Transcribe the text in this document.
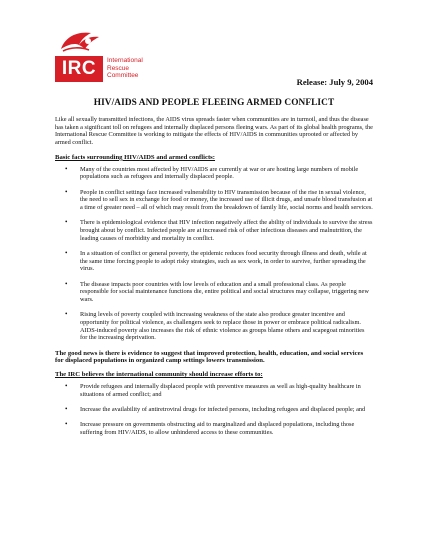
IRC	International
Rescue
Committee
Release: July 9, 2004
HIV/AIDS AND PEOPLE FLEEING ARMED CONFLICT

Like all sexually transmitted infections, the AIDS virus spreads faster when communities are in turmoil, and thus the disease has taken a significant toll on refugees and internally displaced persons fleeing wars. As part of its global health programs, the International Rescue Committee is working to mitigate the effects of HIV/AIDS in communities uprooted or affected by armed conflict.

Basic facts surrounding HIV/AIDS and armed conflicts:

• Many of the countries most affected by HIV/AIDS are currently at war or are hosting large numbers of mobile populations such as refugees and internally displaced people.
• People in conflict settings face increased vulnerability to HIV transmission because of the rise in sexual violence, the need to sell sex in exchange for food or money, the increased use of illicit drugs, and unsafe blood transfusion at a time of greater need – all of which may result from the breakdown of family life, social norms and health services.
• There is epidemiological evidence that HIV infection negatively affect the ability of individuals to survive the stress brought about by conflict. Infected people are at increased risk of other infectious diseases and malnutrition, the leading causes of morbidity and mortality in conflict.
• In a situation of conflict or general poverty, the epidemic reduces food security through illness and death, while at the same time forcing people to adopt risky strategies, such as sex work, in order to survive, further spreading the virus.
• The disease impacts poor countries with low levels of education and a small professional class. As people responsible for social maintenance functions die, entire political and social structures may collapse, triggering new wars.
• Rising levels of poverty coupled with increasing weakness of the state also produce greater incentive and opportunity for political violence, as challengers seek to replace those in power or embrace political radicalism. AIDS-induced poverty also increases the risk of ethnic violence as groups blame others and scapegoat minorities for the increasing deprivation.

The good news is there is evidence to suggest that improved protection, health, education, and social services for displaced populations in organized camp settings lowers transmission.

The IRC believes the international community should increase efforts to:

• Provide refugees and internally displaced people with preventive measures as well as high-quality healthcare in situations of armed conflict; and
• Increase the availability of antiretroviral drugs for infected persons, including refugees and displaced people; and
• Increase pressure on governments obstructing aid to marginalized and displaced populations, including those suffering from HIV/AIDS, to allow unhindered access to these communities.
